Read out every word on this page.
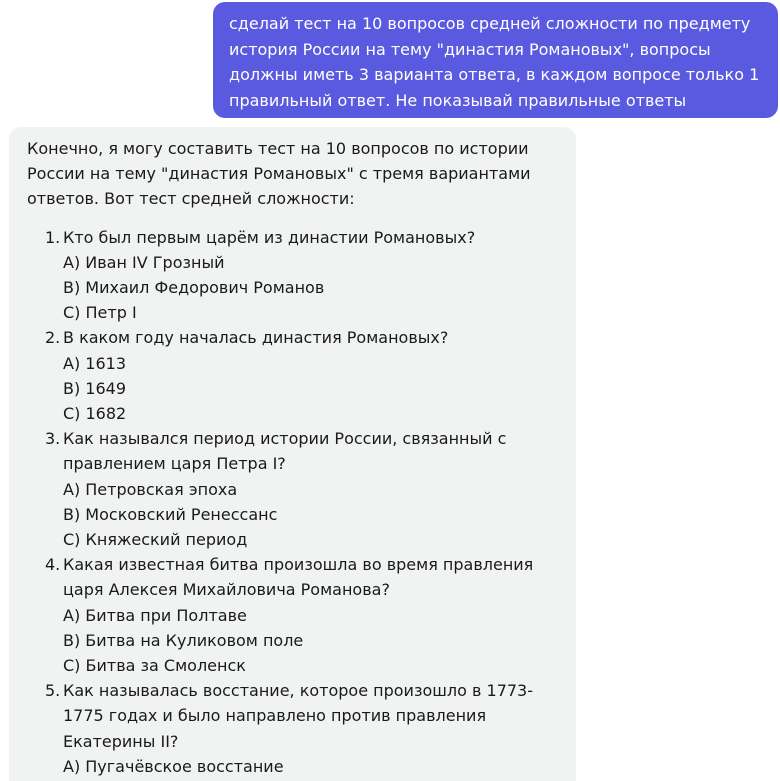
сделай тест на 10 вопросов средней сложности по предмету история России на тему "династия Романовых", вопросы должны иметь 3 варианта ответа, в каждом вопросе только 1 правильный ответ. Не показывай правильные ответы
Конечно, я могу составить тест на 10 вопросов по истории России на тему "династия Романовых" с тремя вариантами ответов. Вот тест средней сложности:
1. Кто был первым царём из династии Романовых?
A) Иван IV Грозный
B) Михаил Федорович Романов
C) Петр I
2. В каком году началась династия Романовых?
A) 1613
B) 1649
C) 1682
3. Как назывался период истории России, связанный с правлением царя Петра I?
A) Петровская эпоха
B) Московский Ренессанс
C) Княжеский период
4. Какая известная битва произошла во время правления царя Алексея Михайловича Романова?
A) Битва при Полтаве
B) Битва на Куликовом поле
C) Битва за Смоленск
5. Как называлась восстание, которое произошло в 1773-1775 годах и было направлено против правления Екатерины II?
A) Пугачёвское восстание
